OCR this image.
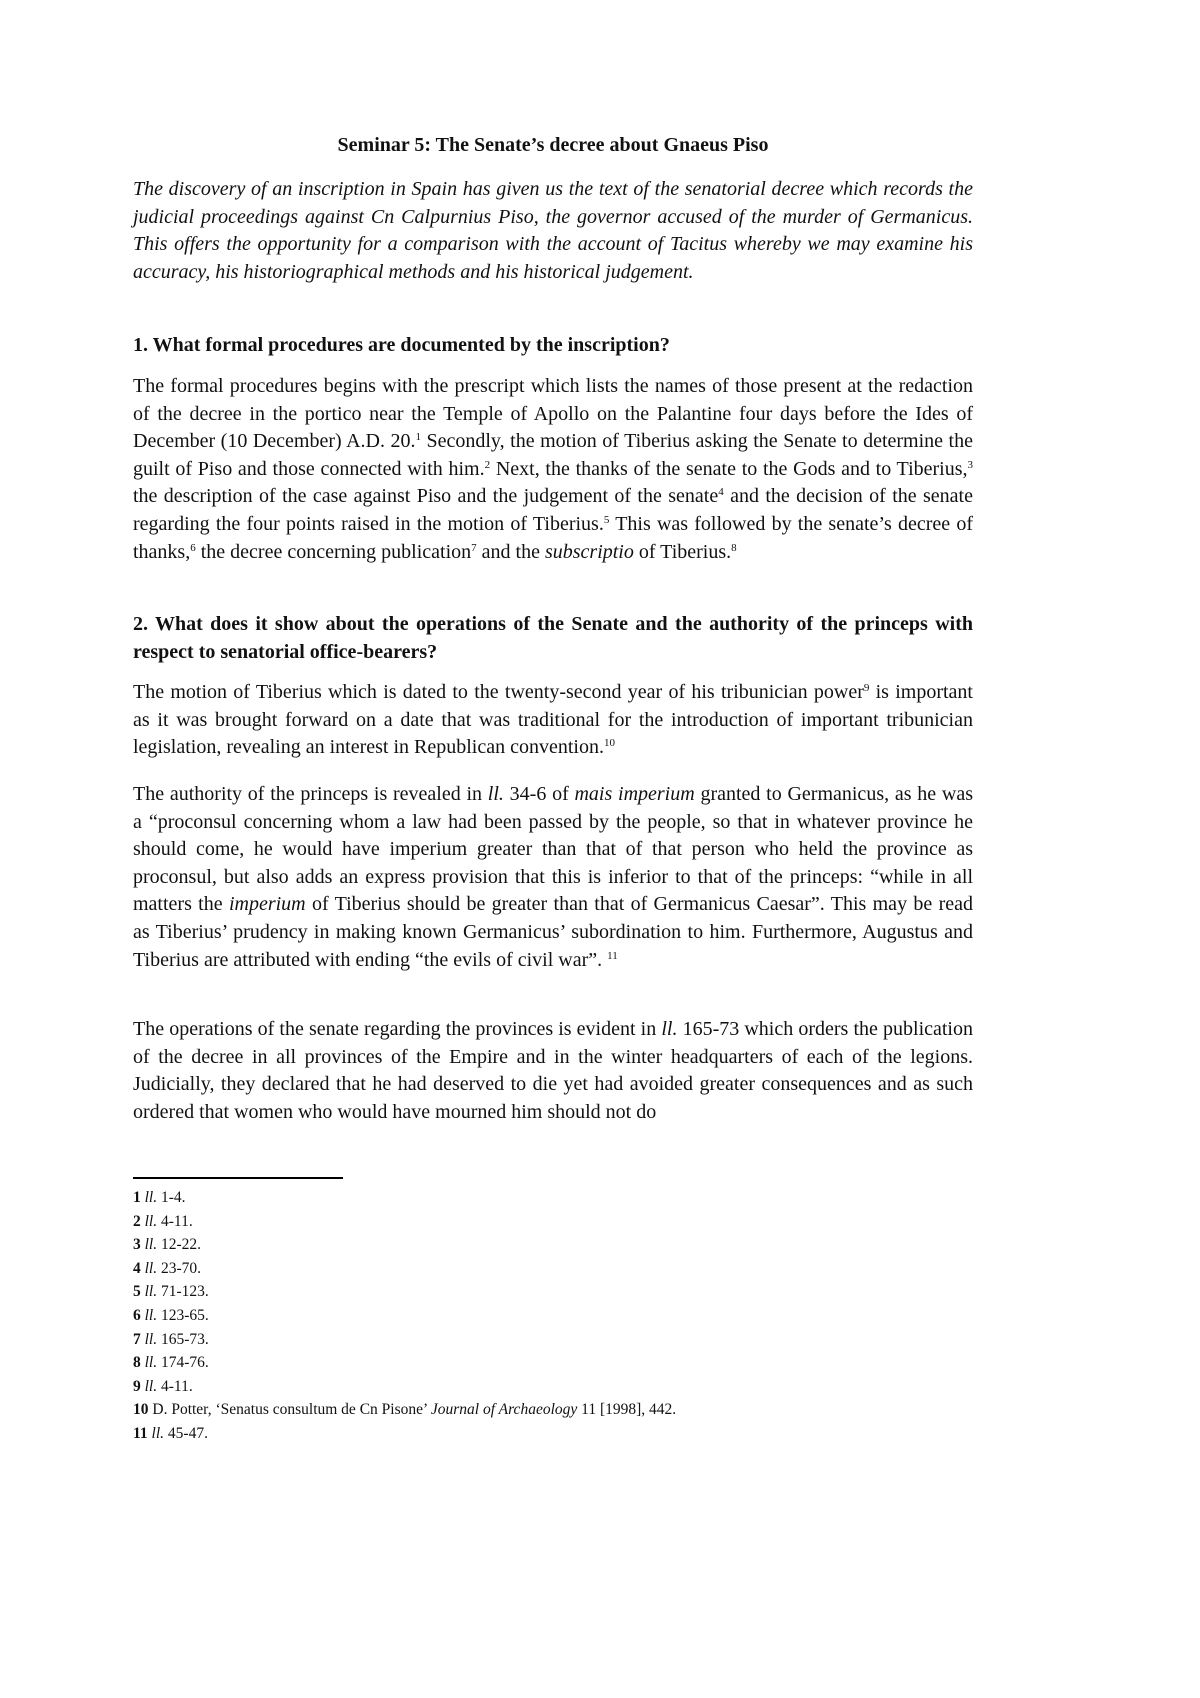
Seminar 5: The Senate’s decree about Gnaeus Piso
The discovery of an inscription in Spain has given us the text of the senatorial decree which records the judicial proceedings against Cn Calpurnius Piso, the governor accused of the murder of Germanicus. This offers the opportunity for a comparison with the account of Tacitus whereby we may examine his accuracy, his historiographical methods and his historical judgement.
1. What formal procedures are documented by the inscription?
The formal procedures begins with the prescript which lists the names of those present at the redaction of the decree in the portico near the Temple of Apollo on the Palantine four days before the Ides of December (10 December) A.D. 20.$^1$ Secondly, the motion of Tiberius asking the Senate to determine the guilt of Piso and those connected with him.$^2$ Next, the thanks of the senate to the Gods and to Tiberius,$^3$ the description of the case against Piso and the judgement of the senate$^4$ and the decision of the senate regarding the four points raised in the motion of Tiberius.$^5$ This was followed by the senate’s decree of thanks,$^6$ the decree concerning publication$^7$ and the subscriptio of Tiberius.$^8$
2. What does it show about the operations of the Senate and the authority of the princeps with respect to senatorial office-bearers?
The motion of Tiberius which is dated to the twenty-second year of his tribunician power$^9$ is important as it was brought forward on a date that was traditional for the introduction of important tribunician legislation, revealing an interest in Republican convention.$^{10}$
The authority of the princeps is revealed in ll. 34-6 of mais imperium granted to Germanicus, as he was a “proconsul concerning whom a law had been passed by the people, so that in whatever province he should come, he would have imperium greater than that of that person who held the province as proconsul, but also adds an express provision that this is inferior to that of the princeps: “while in all matters the imperium of Tiberius should be greater than that of Germanicus Caesar”. This may be read as Tiberius’ prudency in making known Germanicus’ subordination to him. Furthermore, Augustus and Tiberius are attributed with ending “the evils of civil war”. $^{11}$
The operations of the senate regarding the provinces is evident in ll. 165-73 which orders the publication of the decree in all provinces of the Empire and in the winter headquarters of each of the legions. Judicially, they declared that he had deserved to die yet had avoided greater consequences and as such ordered that women who would have mourned him should not do
1 ll. 1-4.
2 ll. 4-11.
3 ll. 12-22.
4 ll. 23-70.
5 ll. 71-123.
6 ll. 123-65.
7 ll. 165-73.
8 ll. 174-76.
9 ll. 4-11.
10 D. Potter, ‘Senatus consultum de Cn Pisone’ Journal of Archaeology 11 [1998], 442.
11 ll. 45-47.
